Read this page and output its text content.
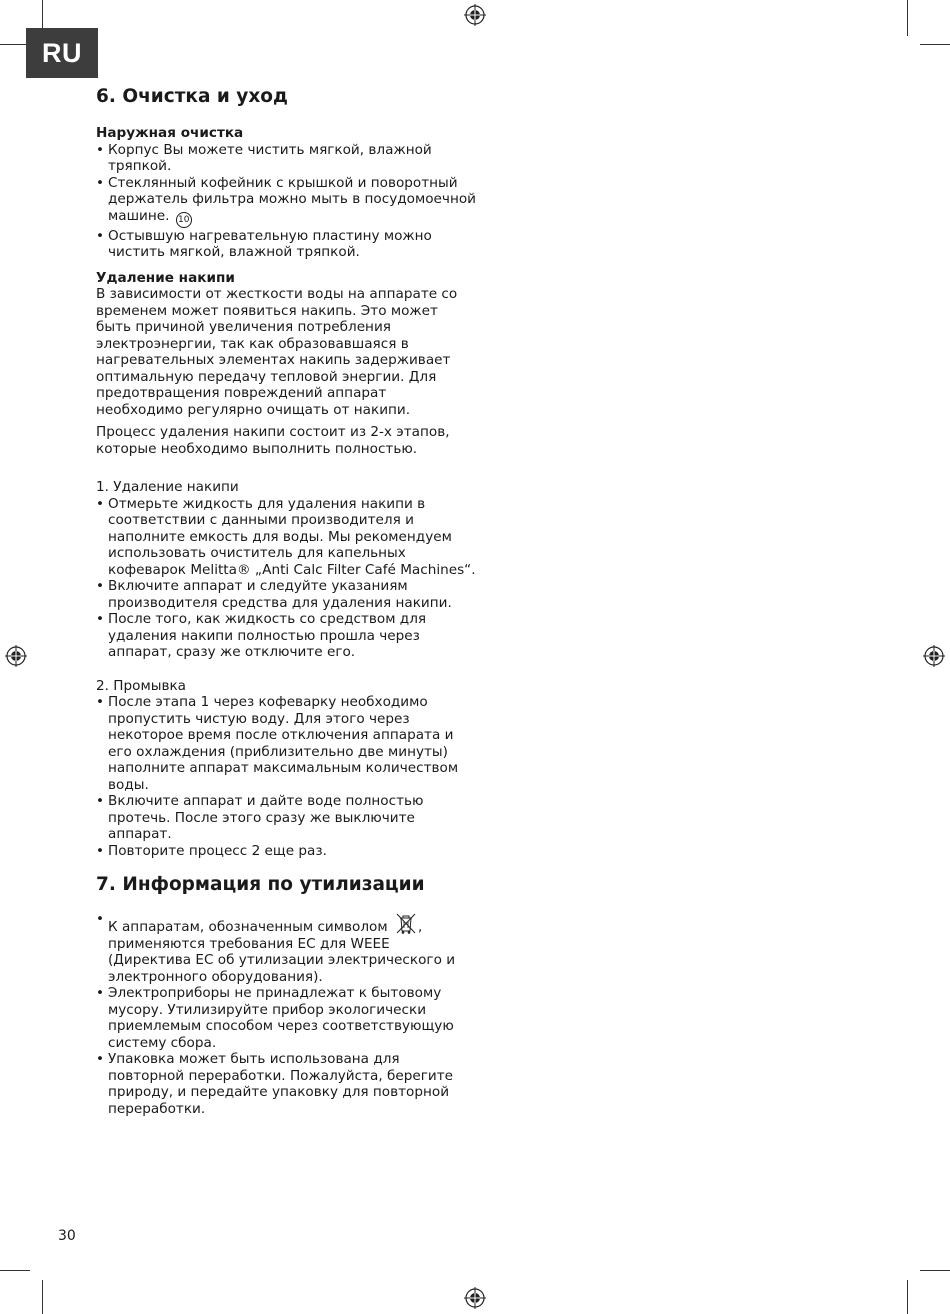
RU
6. Очистка и уход

Наружная очистка

• Корпус Вы можете чистить мягкой, влажной тряпкой.
• Стеклянный кофейник с крышкой и поворотный держатель фильтра можно мыть в посудомоечной машине. 10
• Остывшую нагревательную пластину можно чистить мягкой, влажной тряпкой.

Удаление накипи

В зависимости от жесткости воды на аппарате со временем может появиться накипь. Это может быть причиной увеличения потребления электроэнергии, так как образовавшаяся в нагревательных элементах накипь задерживает оптимальную передачу тепловой энергии. Для предотвращения повреждений аппарат необходимо регулярно очищать от накипи.

Процесс удаления накипи состоит из 2-х этапов, которые необходимо выполнить полностью.

1. Удаление накипи

• Отмерьте жидкость для удаления накипи в соответствии с данными производителя и наполните емкость для воды. Мы рекомендуем использовать очиститель для капельных кофеварок Melitta® „Anti Calc Filter Café Machines“.
• Включите аппарат и следуйте указаниям производителя средства для удаления накипи.
• После того, как жидкость со средством для удаления накипи полностью прошла через аппарат, сразу же отключите его.

2. Промывка

• После этапа 1 через кофеварку необходимо пропустить чистую воду. Для этого через некоторое время после отключения аппарата и его охлаждения (приблизительно две минуты) наполните аппарат максимальным количеством воды.
• Включите аппарат и дайте воде полностью протечь. После этого сразу же выключите аппарат.
• Повторите процесс 2 еще раз.
7. Информация по утилизации
• К аппаратам, обозначенным символом , применяются требования ЕС для WEEE (Директива ЕС об утилизации электрического и электронного оборудования).
• Электроприборы не принадлежат к бытовому мусору. Утилизируйте прибор экологически приемлемым способом через соответствующую систему сбора.
• Упаковка может быть использована для повторной переработки. Пожалуйста, берегите природу, и передайте упаковку для повторной переработки.
30
